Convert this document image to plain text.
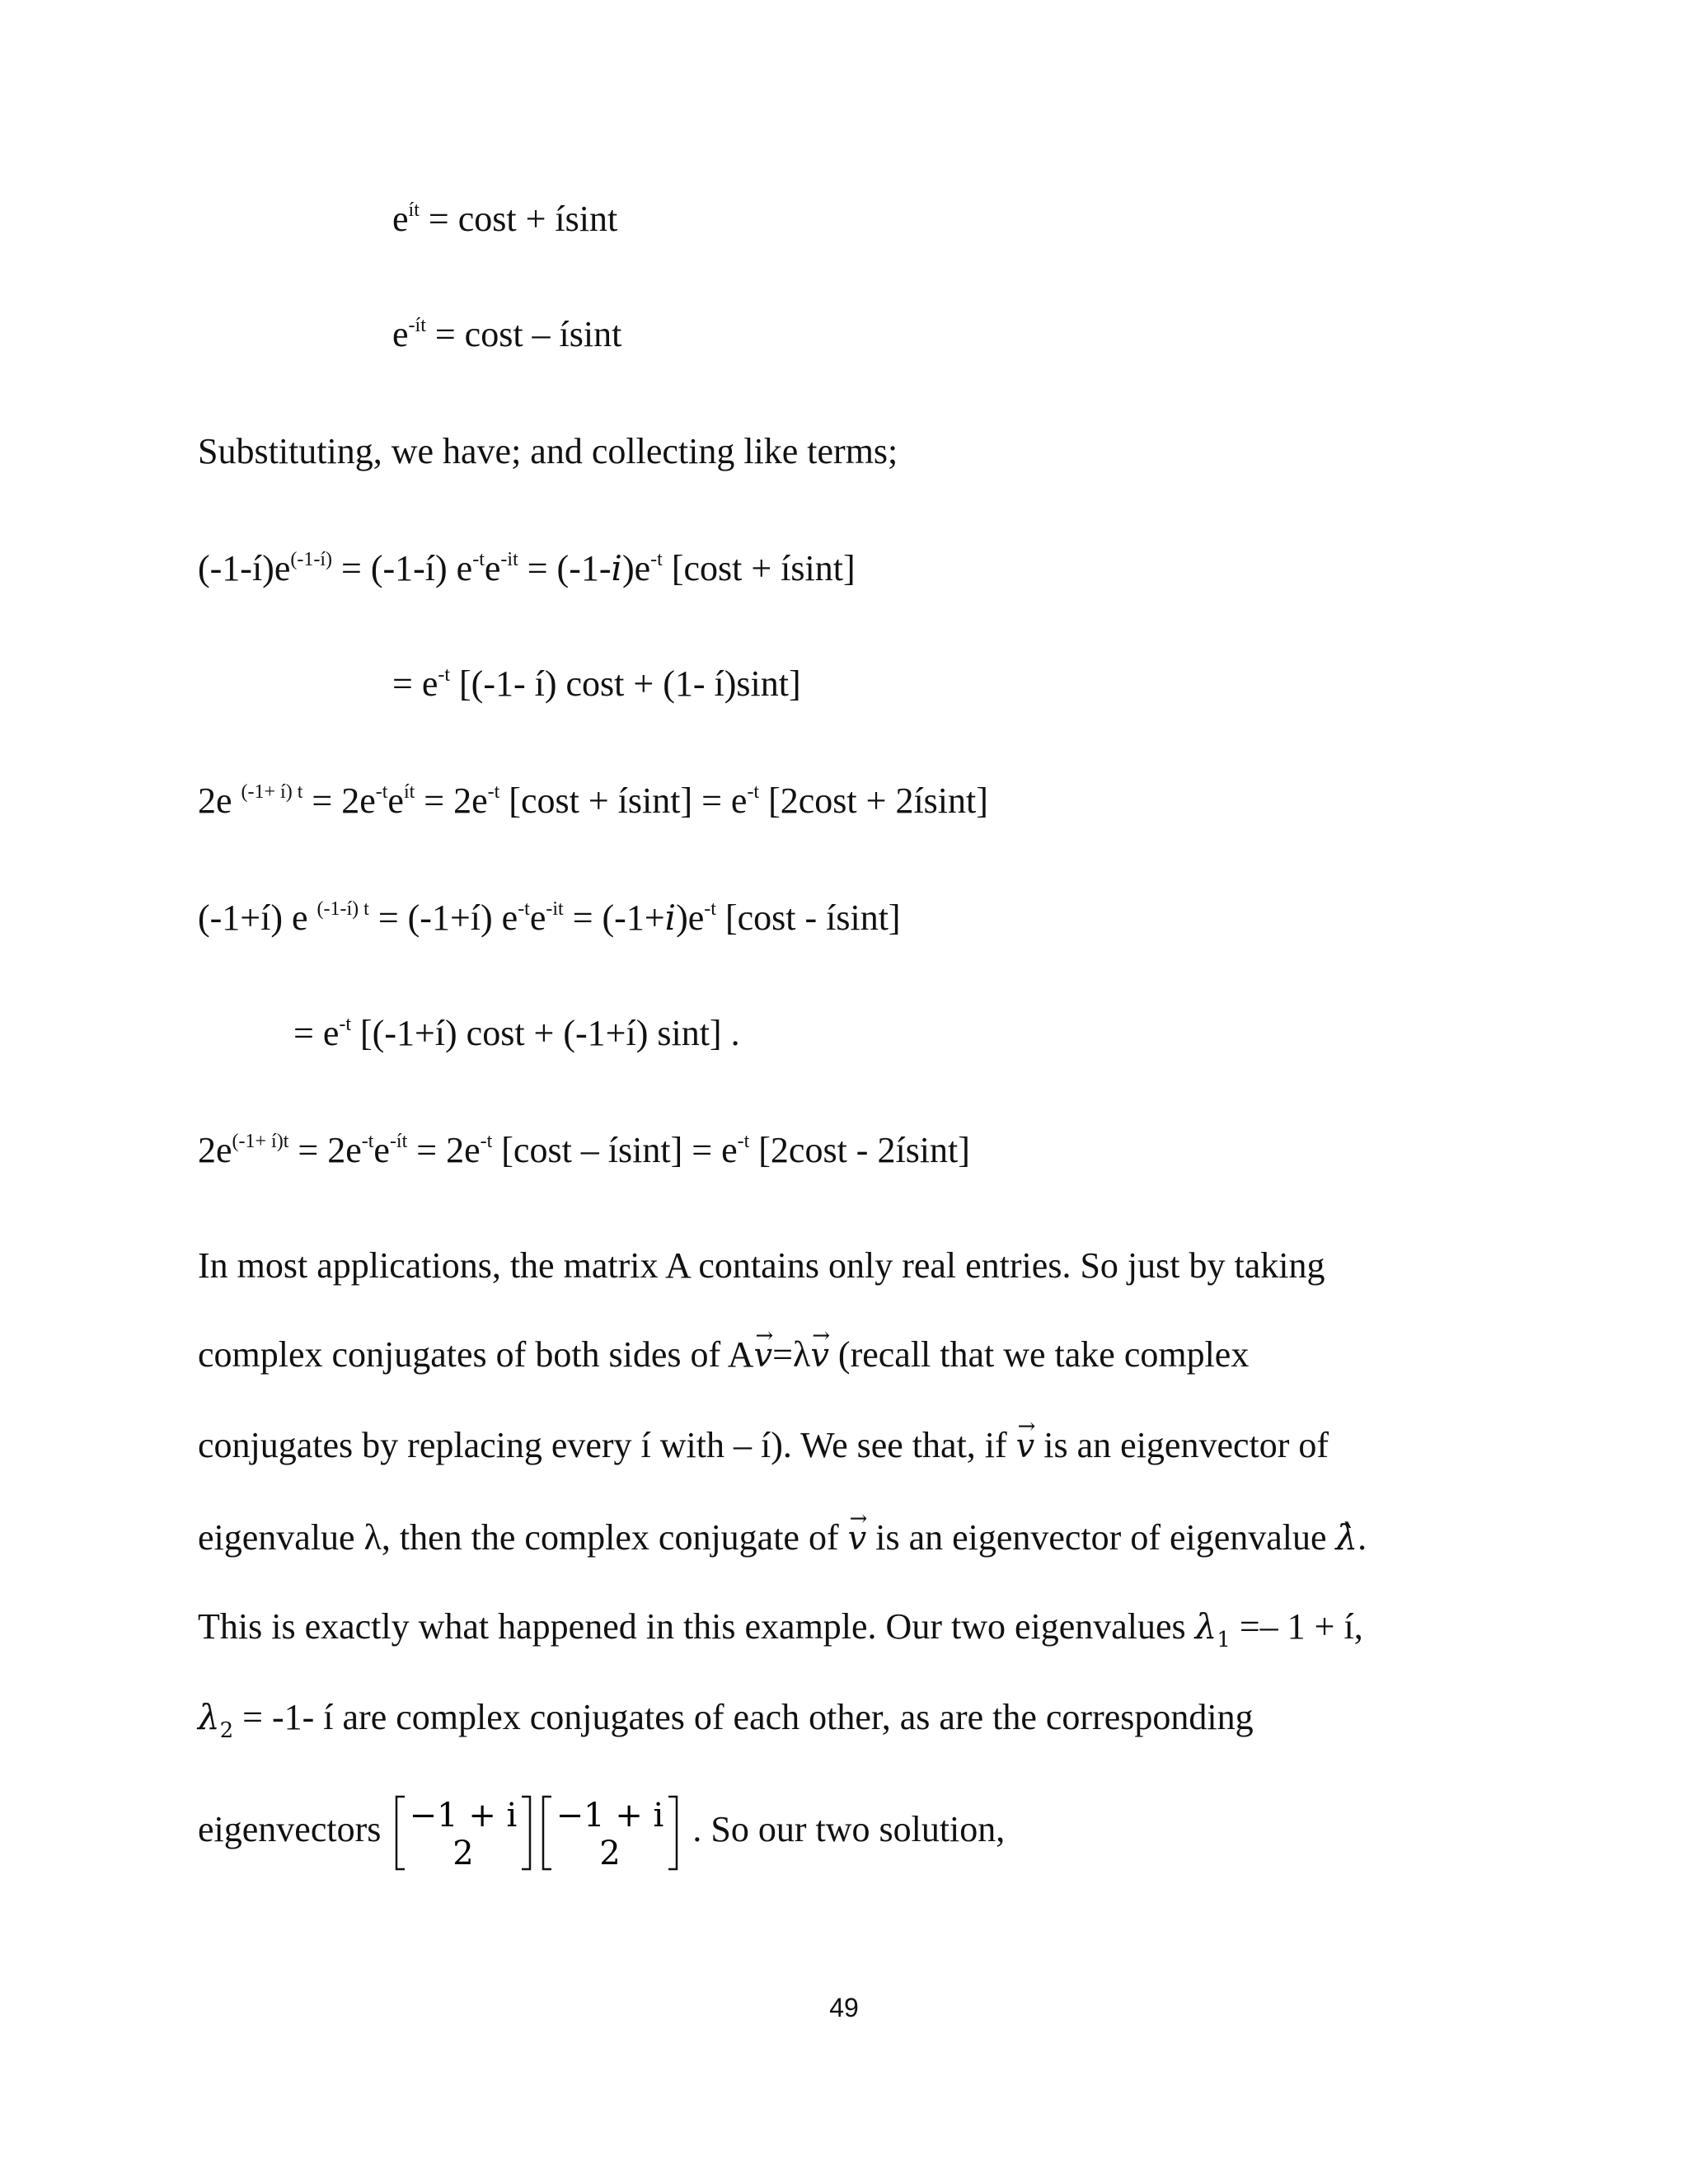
$e^{ít} = \cos t$ + ísint
$e^{-ít} = \cos t$ – ísint
Substituting, we have; and collecting like terms;
$(-1-í)e^{(-1-í)}$ = (-1-í) $e^{-t}e^{-it} = (-1-i)e^{-t}$ [cost + ísint]
= $e^{-t}$ [(-1- í) cost + (1- í)sint]
2e $^{(-1+ í) t} = 2e^{-t}e^{ít} = 2e^{-t}$ [cost + ísint] = $e^{-t}$ [2cost + 2ísint]
(-1+í) e $^{(-1-í) t}$ = (-1+í) $e^{-t}e^{-it} = (-1+i)e^{-t}$ [cost - ísint]
= $e^{-t}$ [(-1+í) cost + (-1+í) sint] .
$2e^{(-1+ í)t} = 2e^{-t}e^{-ít} = 2e^{-t}$ [cost – ísint] = $e^{-t}$ [2cost - 2ísint]
In most applications, the matrix A contains only real entries. So just by taking
complex conjugates of both sides of A→ v=λ→ v (recall that we take complex
conjugates by replacing every í with – í). We see that, if → v is an eigenvector of
eigenvalue λ, then the complex conjugate of → v is an eigenvector of eigenvalue λ̀.
This is exactly what happened in this example. Our two eigenvalues $\lambda_1 =- 1$ + í,
$\lambda_2 = -1-$ í are complex conjugates of each other, as are the corresponding
eigenvectors −1 + i
2
−1 + i
2
. So our two solution,
49
